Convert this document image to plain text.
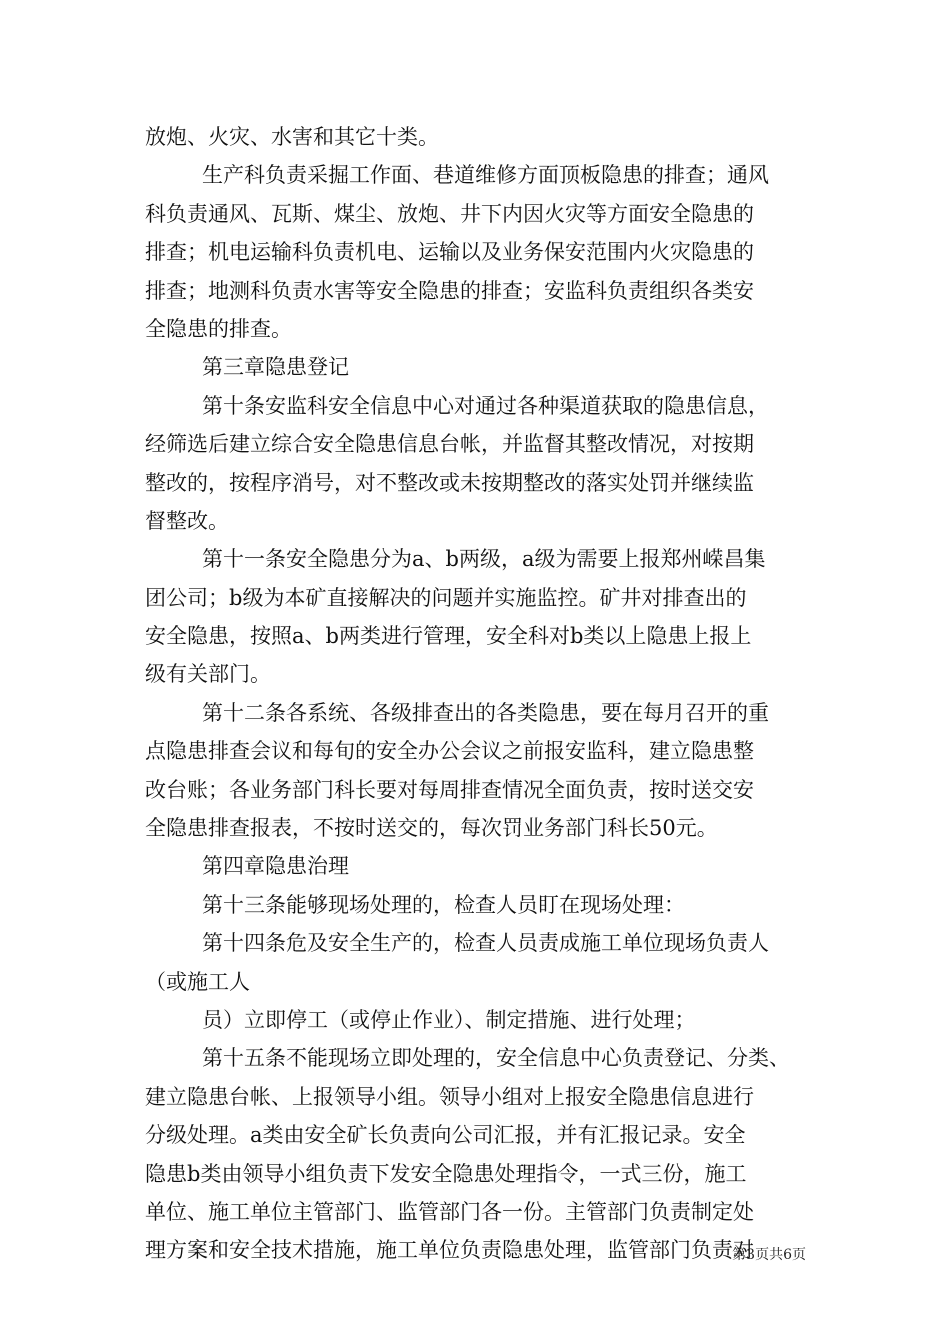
放炮、火灾、水害和其它十类。
生产科负责采掘工作面、巷道维修方面顶板隐患的排查；通风
科负责通风、瓦斯、煤尘、放炮、井下内因火灾等方面安全隐患的
排查；机电运输科负责机电、运输以及业务保安范围内火灾隐患的
排查；地测科负责水害等安全隐患的排查；安监科负责组织各类安
全隐患的排查。
第三章隐患登记
第十条安监科安全信息中心对通过各种渠道获取的隐患信息，
经筛选后建立综合安全隐患信息台帐，并监督其整改情况，对按期
整改的，按程序消号，对不整改或未按期整改的落实处罚并继续监
督整改。
第十一条安全隐患分为a、b两级，a级为需要上报郑州嵘昌集
团公司；b级为本矿直接解决的问题并实施监控。矿井对排查出的
安全隐患，按照a、b两类进行管理，安全科对b类以上隐患上报上
级有关部门。
第十二条各系统、各级排查出的各类隐患，要在每月召开的重
点隐患排查会议和每旬的安全办公会议之前报安监科，建立隐患整
改台账；各业务部门科长要对每周排查情况全面负责，按时送交安
全隐患排查报表，不按时送交的，每次罚业务部门科长50元。
第四章隐患治理
第十三条能够现场处理的，检查人员盯在现场处理：
第十四条危及安全生产的，检查人员责成施工单位现场负责人
（或施工人
员）立即停工（或停止作业）、制定措施、进行处理；
第十五条不能现场立即处理的，安全信息中心负责登记、分类、
建立隐患台帐、上报领导小组。领导小组对上报安全隐患信息进行
分级处理。a类由安全矿长负责向公司汇报，并有汇报记录。安全
隐患b类由领导小组负责下发安全隐患处理指令，一式三份，施工
单位、施工单位主管部门、监管部门各一份。主管部门负责制定处
理方案和安全技术措施，施工单位负责隐患处理，监管部门负责对
第3页共6页
